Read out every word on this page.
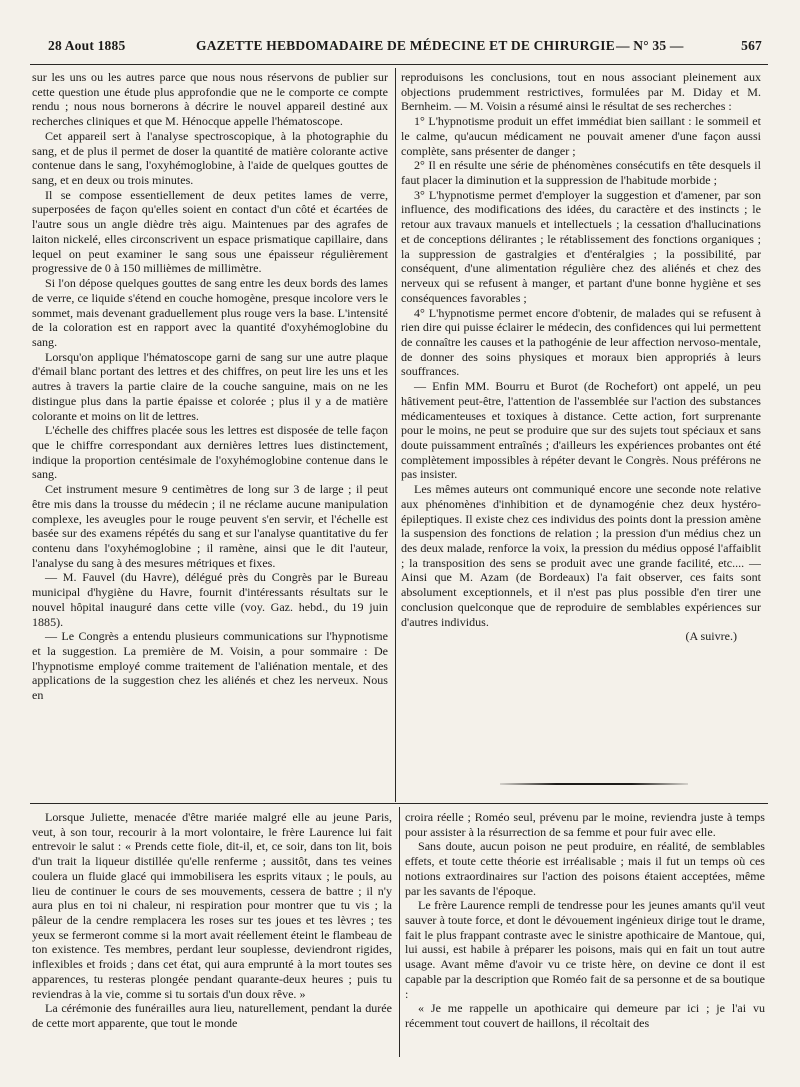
28 Aout 1885	GAZETTE HEBDOMADAIRE DE MÉDECINE ET DE CHIRURGIE — N° 35 —	567

sur les uns ou les autres parce que nous nous réservons de publier sur cette question une étude plus approfondie que ne le comporte ce compte rendu ; nous nous bornerons à décrire le nouvel appareil destiné aux recherches cliniques et que M. Hénocque appelle l'hématoscope.

Cet appareil sert à l'analyse spectroscopique, à la photographie du sang, et de plus il permet de doser la quantité de matière colorante active contenue dans le sang, l'oxyhémoglobine, à l'aide de quelques gouttes de sang, et en deux ou trois minutes.

Il se compose essentiellement de deux petites lames de verre, superposées de façon qu'elles soient en contact d'un côté et écartées de l'autre sous un angle dièdre très aigu. Maintenues par des agrafes de laiton nickelé, elles circonscrivent un espace prismatique capillaire, dans lequel on peut examiner le sang sous une épaisseur régulièrement progressive de 0 à 150 millièmes de millimètre.

Si l'on dépose quelques gouttes de sang entre les deux bords des lames de verre, ce liquide s'étend en couche homogène, presque incolore vers le sommet, mais devenant graduellement plus rouge vers la base. L'intensité de la coloration est en rapport avec la quantité d'oxyhémoglobine du sang.

Lorsqu'on applique l'hématoscope garni de sang sur une autre plaque d'émail blanc portant des lettres et des chiffres, on peut lire les uns et les autres à travers la partie claire de la couche sanguine, mais on ne les distingue plus dans la partie épaisse et colorée ; plus il y a de matière colorante et moins on lit de lettres.

L'échelle des chiffres placée sous les lettres est disposée de telle façon que le chiffre correspondant aux dernières lettres lues distinctement, indique la proportion centésimale de l'oxyhémoglobine contenue dans le sang.

Cet instrument mesure 9 centimètres de long sur 3 de large ; il peut être mis dans la trousse du médecin ; il ne réclame aucune manipulation complexe, les aveugles pour le rouge peuvent s'en servir, et l'échelle est basée sur des examens répétés du sang et sur l'analyse quantitative du fer contenu dans l'oxyhémoglobine ; il ramène, ainsi que le dit l'auteur, l'analyse du sang à des mesures métriques et fixes.

— M. Fauvel (du Havre), délégué près du Congrès par le Bureau municipal d'hygiène du Havre, fournit d'intéressants résultats sur le nouvel hôpital inauguré dans cette ville (voy. Gaz. hebd., du 19 juin 1885).

— Le Congrès a entendu plusieurs communications sur l'hypnotisme et la suggestion. La première de M. Voisin, a pour sommaire : De l'hypnotisme employé comme traitement de l'aliénation mentale, et des applications de la suggestion chez les aliénés et chez les nerveux. Nous en

reproduisons les conclusions, tout en nous associant pleinement aux objections prudemment restrictives, formulées par M. Diday et M. Bernheim. — M. Voisin a résumé ainsi le résultat de ses recherches :

1° L'hypnotisme produit un effet immédiat bien saillant : le sommeil et le calme, qu'aucun médicament ne pouvait amener d'une façon aussi complète, sans présenter de danger ;

2° Il en résulte une série de phénomènes consécutifs en tête desquels il faut placer la diminution et la suppression de l'habitude morbide ;

3° L'hypnotisme permet d'employer la suggestion et d'amener, par son influence, des modifications des idées, du caractère et des instincts ; le retour aux travaux manuels et intellectuels ; la cessation d'hallucinations et de conceptions délirantes ; le rétablissement des fonctions organiques ; la suppression de gastralgies et d'entéralgies ; la possibilité, par conséquent, d'une alimentation régulière chez des aliénés et chez des nerveux qui se refusent à manger, et partant d'une bonne hygiène et ses conséquences favorables ;

4° L'hypnotisme permet encore d'obtenir, de malades qui se refusent à rien dire qui puisse éclairer le médecin, des confidences qui lui permettent de connaître les causes et la pathogénie de leur affection nervoso-mentale, de donner des soins physiques et moraux bien appropriés à leurs souffrances.

— Enfin MM. Bourru et Burot (de Rochefort) ont appelé, un peu hâtivement peut-être, l'attention de l'assemblée sur l'action des substances médicamenteuses et toxiques à distance. Cette action, fort surprenante pour le moins, ne peut se produire que sur des sujets tout spéciaux et sans doute puissamment entraînés ; d'ailleurs les expériences probantes ont été complètement impossibles à répéter devant le Congrès. Nous préférons ne pas insister.

Les mêmes auteurs ont communiqué encore une seconde note relative aux phénomènes d'inhibition et de dynamogénie chez deux hystéro-épileptiques. Il existe chez ces individus des points dont la pression amène la suspension des fonctions de relation ; la pression d'un médius chez un des deux malade, renforce la voix, la pression du médius opposé l'affaiblit ; la transposition des sens se produit avec une grande facilité, etc.... — Ainsi que M. Azam (de Bordeaux) l'a fait observer, ces faits sont absolument exceptionnels, et il n'est pas plus possible d'en tirer une conclusion quelconque que de reproduire de semblables expériences sur d'autres individus.

(A suivre.)

Lorsque Juliette, menacée d'être mariée malgré elle au jeune Paris, veut, à son tour, recourir à la mort volontaire, le frère Laurence lui fait entrevoir le salut : « Prends cette fiole, dit-il, et, ce soir, dans ton lit, bois d'un trait la liqueur distillée qu'elle renferme ; aussitôt, dans tes veines coulera un fluide glacé qui immobilisera les esprits vitaux ; le pouls, au lieu de continuer le cours de ses mouvements, cessera de battre ; il n'y aura plus en toi ni chaleur, ni respiration pour montrer que tu vis ; la pâleur de la cendre remplacera les roses sur tes joues et tes lèvres ; tes yeux se fermeront comme si la mort avait réellement éteint le flambeau de ton existence. Tes membres, perdant leur souplesse, deviendront rigides, inflexibles et froids ; dans cet état, qui aura emprunté à la mort toutes ses apparences, tu resteras plongée pendant quarante-deux heures ; puis tu reviendras à la vie, comme si tu sortais d'un doux rêve. »

La cérémonie des funérailles aura lieu, naturellement, pendant la durée de cette mort apparente, que tout le monde

croira réelle ; Roméo seul, prévenu par le moine, reviendra juste à temps pour assister à la résurrection de sa femme et pour fuir avec elle.

Sans doute, aucun poison ne peut produire, en réalité, de semblables effets, et toute cette théorie est irréalisable ; mais il fut un temps où ces notions extraordinaires sur l'action des poisons étaient acceptées, même par les savants de l'époque.

Le frère Laurence rempli de tendresse pour les jeunes amants qu'il veut sauver à toute force, et dont le dévouement ingénieux dirige tout le drame, fait le plus frappant contraste avec le sinistre apothicaire de Mantoue, qui, lui aussi, est habile à préparer les poisons, mais qui en fait un tout autre usage. Avant même d'avoir vu ce triste hère, on devine ce dont il est capable par la description que Roméo fait de sa personne et de sa boutique :

« Je me rappelle un apothicaire qui demeure par ici ; je l'ai vu récemment tout couvert de haillons, il récoltait des
